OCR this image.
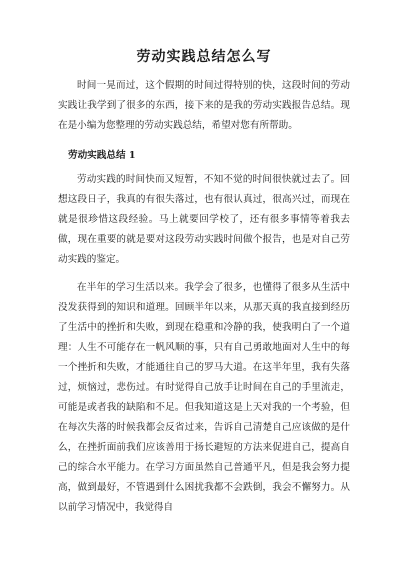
劳动实践总结怎么写

时间一晃而过，这个假期的时间过得特别的快，这段时间的劳动实践让我学到了很多的东西，接下来的是我的劳动实践报告总结。现在是小编为您整理的劳动实践总结，希望对您有所帮助。

劳动实践总结 1

劳动实践的时间快而又短暂，不知不觉的时间很快就过去了。回想这段日子，我真的有很失落过，也有很认真过，很高兴过，而现在就是很珍惜这段经验。马上就要回学校了，还有很多事情等着我去做，现在重要的就是要对这段劳动实践时间做个报告，也是对自己劳动实践的鉴定。

在半年的学习生活以来。我学会了很多，也懂得了很多从生活中没发获得到的知识和道理。回顾半年以来，从那天真的我直接到经历了生活中的挫折和失败，到现在稳重和冷静的我，使我明白了一个道理：人生不可能存在一帆风顺的事，只有自己勇敢地面对人生中的每一个挫折和失败，才能通往自己的罗马大道。在这半年里，我有失落过，烦恼过，悲伤过。有时觉得自己放手让时间在自己的手里流走，可能是或者我的缺陷和不足。但我知道这是上天对我的一个考验，但在每次失落的时候我都会反省过来，告诉自己清楚自己应该做的是什么，在挫折面前我们应该善用于扬长避短的方法来促进自己，提高自己的综合水平能力。在学习方面虽然自己普通平凡，但是我会努力提高，做到最好，不管遇到什么困扰我都不会跌倒，我会不懈努力。从以前学习情况中，我觉得自
